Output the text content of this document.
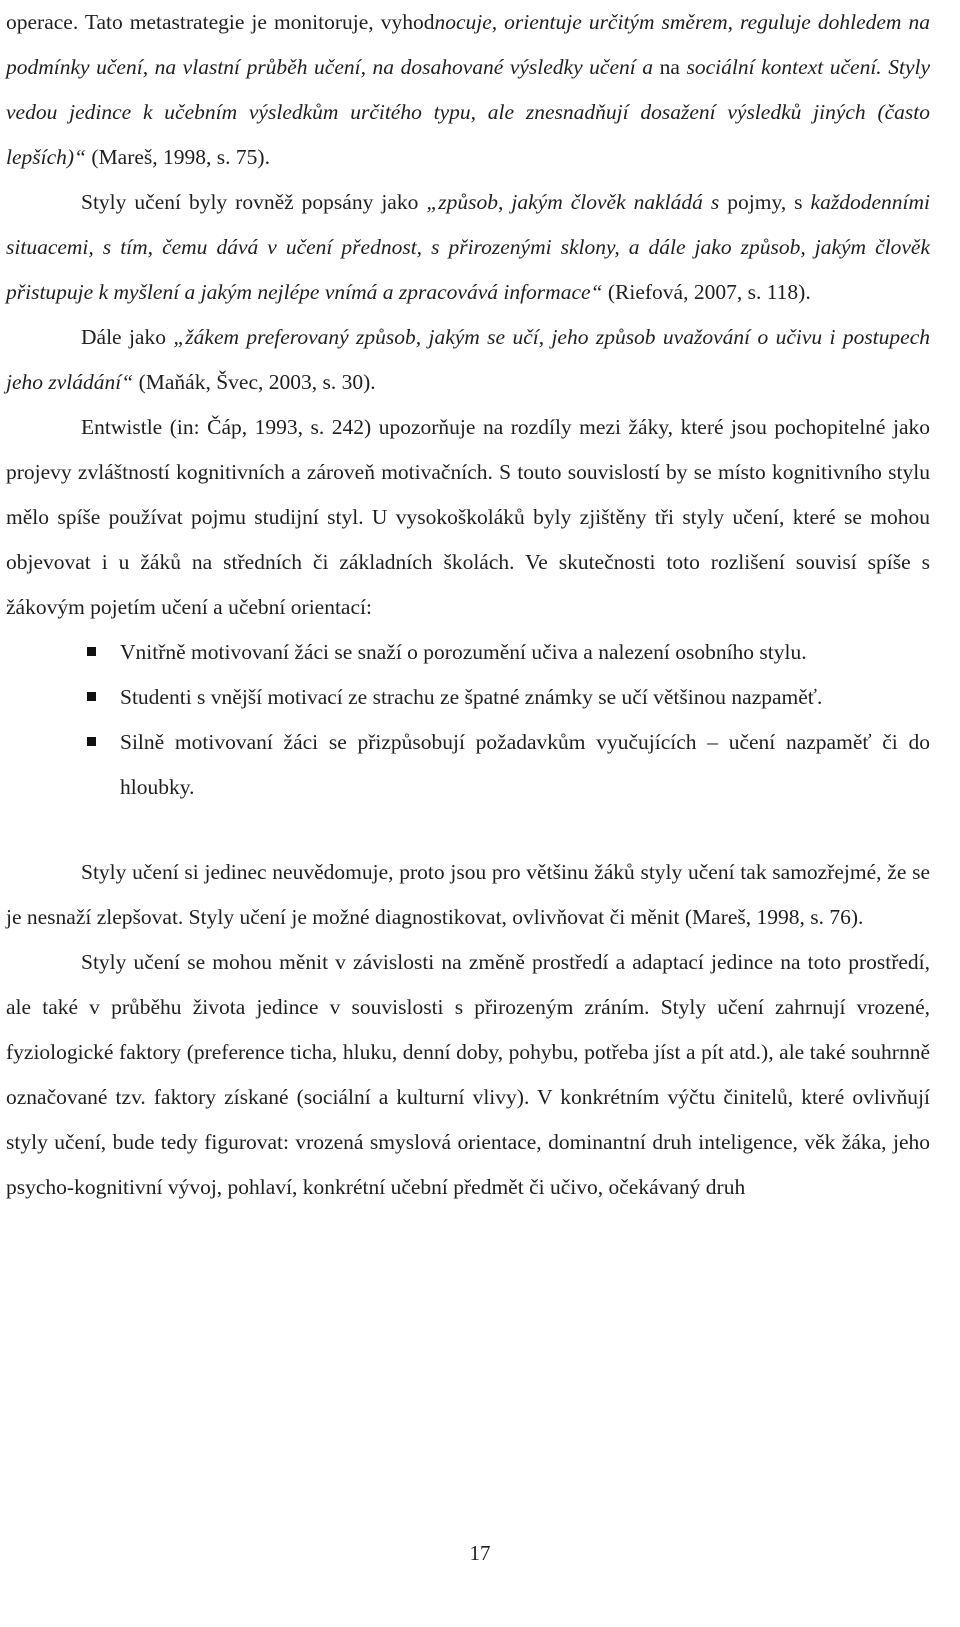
operace. Tato metastrategie je monitoruje, vyhodnocuje, orientuje určitým směrem, reguluje dohledem na podmínky učení, na vlastní průběh učení, na dosahované výsledky učení a na sociální kontext učení. Styly vedou jedince k učebním výsledkům určitého typu, ale znesnadňují dosažení výsledků jiných (často lepších)“ (Mareš, 1998, s. 75).

Styly učení byly rovněž popsány jako „způsob, jakým člověk nakládá s pojmy, s každodenními situacemi, s tím, čemu dává v učení přednost, s přirozenými sklony, a dále jako způsob, jakým člověk přistupuje k myšlení a jakým nejlépe vnímá a zpracovává informace“ (Riefová, 2007, s. 118).

Dále jako „žákem preferovaný způsob, jakým se učí, jeho způsob uvažování o učivu i postupech jeho zvládání“ (Maňák, Švec, 2003, s. 30).

Entwistle (in: Čáp, 1993, s. 242) upozorňuje na rozdíly mezi žáky, které jsou pochopitelné jako projevy zvláštností kognitivních a zároveň motivačních. S touto souvislostí by se místo kognitivního stylu mělo spíše používat pojmu studijní styl. U vysokoškoláků byly zjištěny tři styly učení, které se mohou objevovat i u žáků na středních či základních školách. Ve skutečnosti toto rozlišení souvisí spíše s žákovým pojetím učení a učební orientací:

Vnitřně motivovaní žáci se snaží o porozumění učiva a nalezení osobního stylu.
Studenti s vnější motivací ze strachu ze špatné známky se učí většinou nazpaměť.
Silně motivovaní žáci se přizpůsobují požadavkům vyučujících – učení nazpaměť či do hloubky.

Styly učení si jedinec neuvědomuje, proto jsou pro většinu žáků styly učení tak samozřejmé, že se je nesnaží zlepšovat. Styly učení je možné diagnostikovat, ovlivňovat či měnit (Mareš, 1998, s. 76).

Styly učení se mohou měnit v závislosti na změně prostředí a adaptací jedince na toto prostředí, ale také v průběhu života jedince v souvislosti s přirozeným zráním. Styly učení zahrnují vrozené, fyziologické faktory (preference ticha, hluku, denní doby, pohybu, potřeba jíst a pít atd.), ale také souhrnně označované tzv. faktory získané (sociální a kulturní vlivy). V konkrétním výčtu činitelů, které ovlivňují styly učení, bude tedy figurovat: vrozená smyslová orientace, dominantní druh inteligence, věk žáka, jeho psycho-kognitivní vývoj, pohlaví, konkrétní učební předmět či učivo, očekávaný druh

17
